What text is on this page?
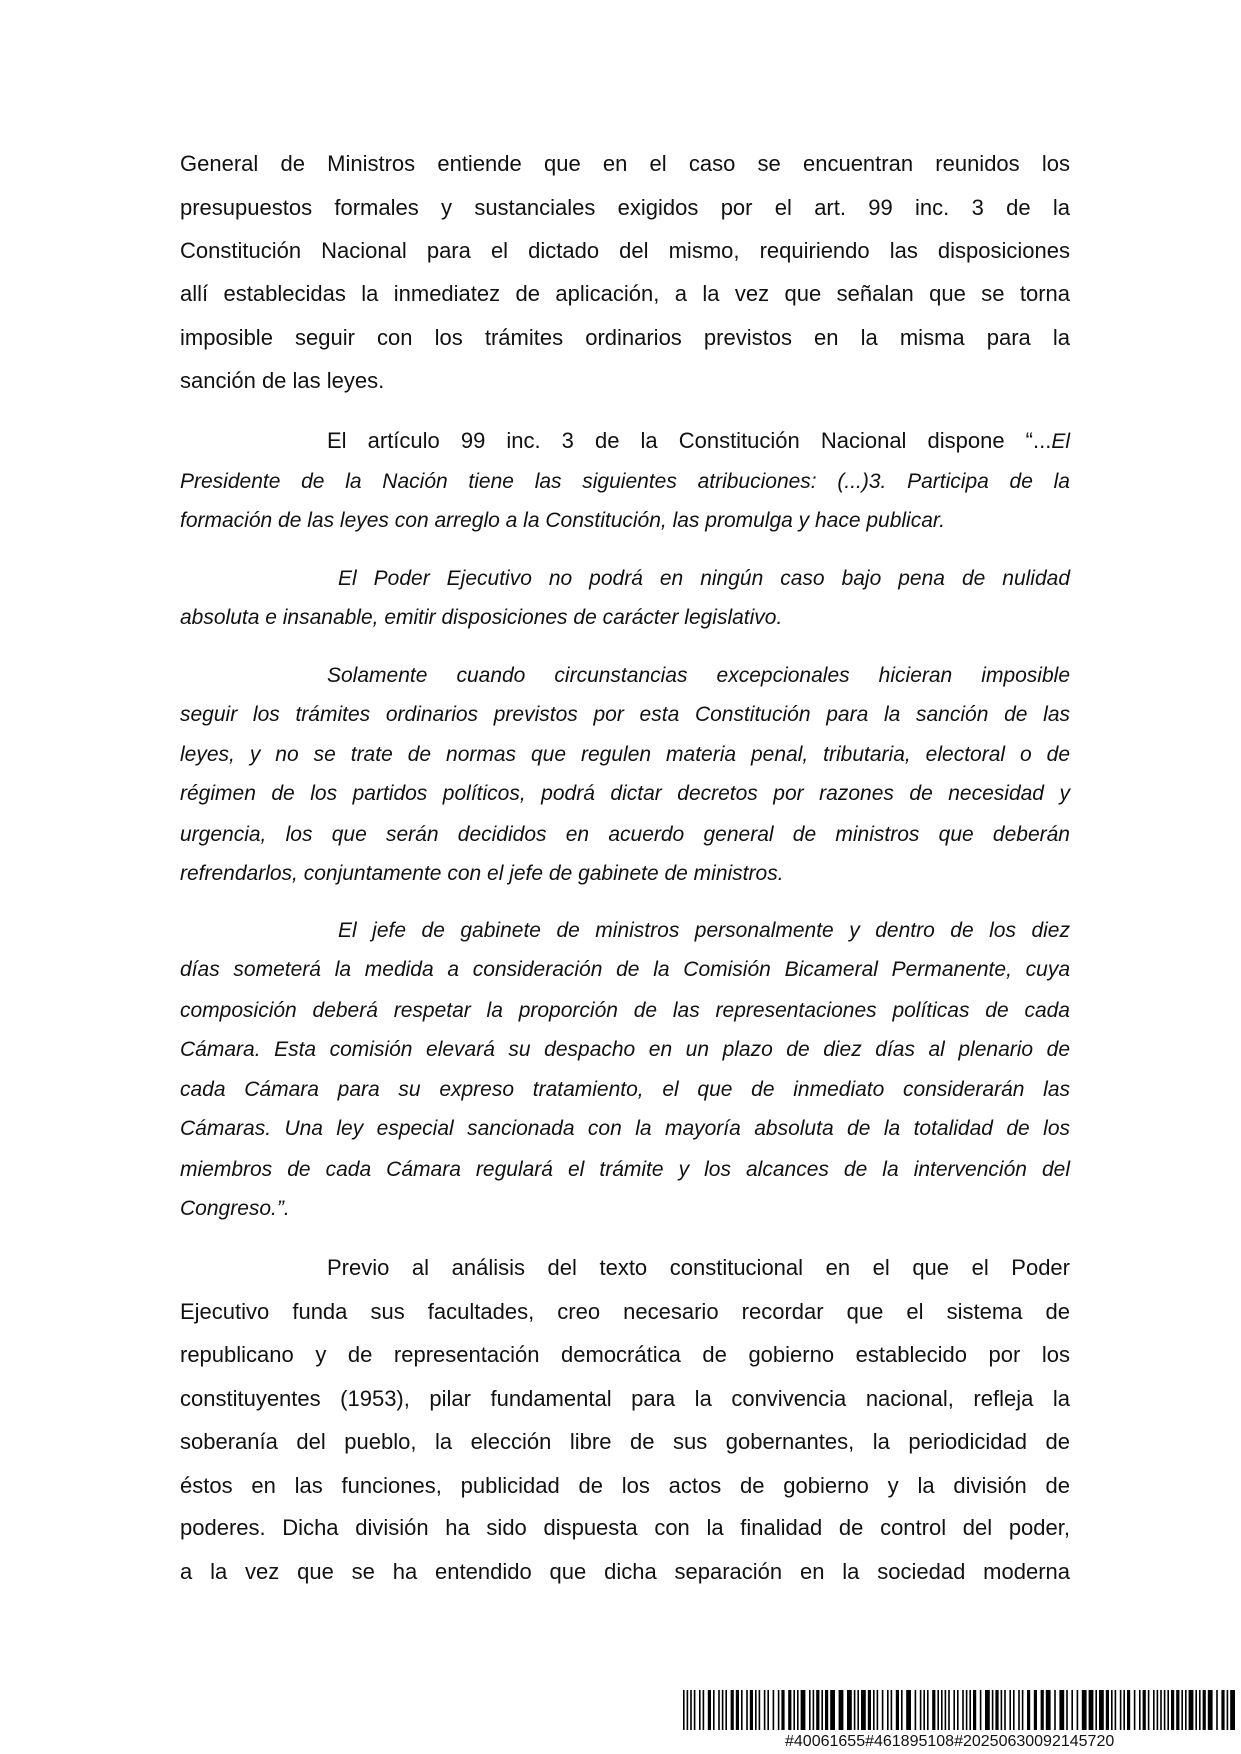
General de Ministros entiende que en el caso se encuentran reunidos los
presupuestos formales y sustanciales exigidos por el art. 99 inc. 3 de la
Constitución Nacional para el dictado del mismo, requiriendo las disposiciones
allí establecidas la inmediatez de aplicación, a la vez que señalan que se torna
imposible seguir con los trámites ordinarios previstos en la misma para la
sanción de las leyes.
El artículo 99 inc. 3 de la Constitución Nacional dispone “...El
Presidente de la Nación tiene las siguientes atribuciones: (...)3. Participa de la
formación de las leyes con arreglo a la Constitución, las promulga y hace publicar.
El Poder Ejecutivo no podrá en ningún caso bajo pena de nulidad
absoluta e insanable, emitir disposiciones de carácter legislativo.
Solamente cuando circunstancias excepcionales hicieran imposible
seguir los trámites ordinarios previstos por esta Constitución para la sanción de las
leyes, y no se trate de normas que regulen materia penal, tributaria, electoral o de
régimen de los partidos políticos, podrá dictar decretos por razones de necesidad y
urgencia, los que serán decididos en acuerdo general de ministros que deberán
refrendarlos, conjuntamente con el jefe de gabinete de ministros.
El jefe de gabinete de ministros personalmente y dentro de los diez
días someterá la medida a consideración de la Comisión Bicameral Permanente, cuya
composición deberá respetar la proporción de las representaciones políticas de cada
Cámara. Esta comisión elevará su despacho en un plazo de diez días al plenario de
cada Cámara para su expreso tratamiento, el que de inmediato considerarán las
Cámaras. Una ley especial sancionada con la mayoría absoluta de la totalidad de los
miembros de cada Cámara regulará el trámite y los alcances de la intervención del
Congreso.”.
Previo al análisis del texto constitucional en el que el Poder
Ejecutivo funda sus facultades, creo necesario recordar que el sistema de
republicano y de representación democrática de gobierno establecido por los
constituyentes (1953), pilar fundamental para la convivencia nacional, refleja la
soberanía del pueblo, la elección libre de sus gobernantes, la periodicidad de
éstos en las funciones, publicidad de los actos de gobierno y la división de
poderes. Dicha división ha sido dispuesta con la finalidad de control del poder,
a la vez que se ha entendido que dicha separación en la sociedad moderna
#40061655#461895108#20250630092145720
